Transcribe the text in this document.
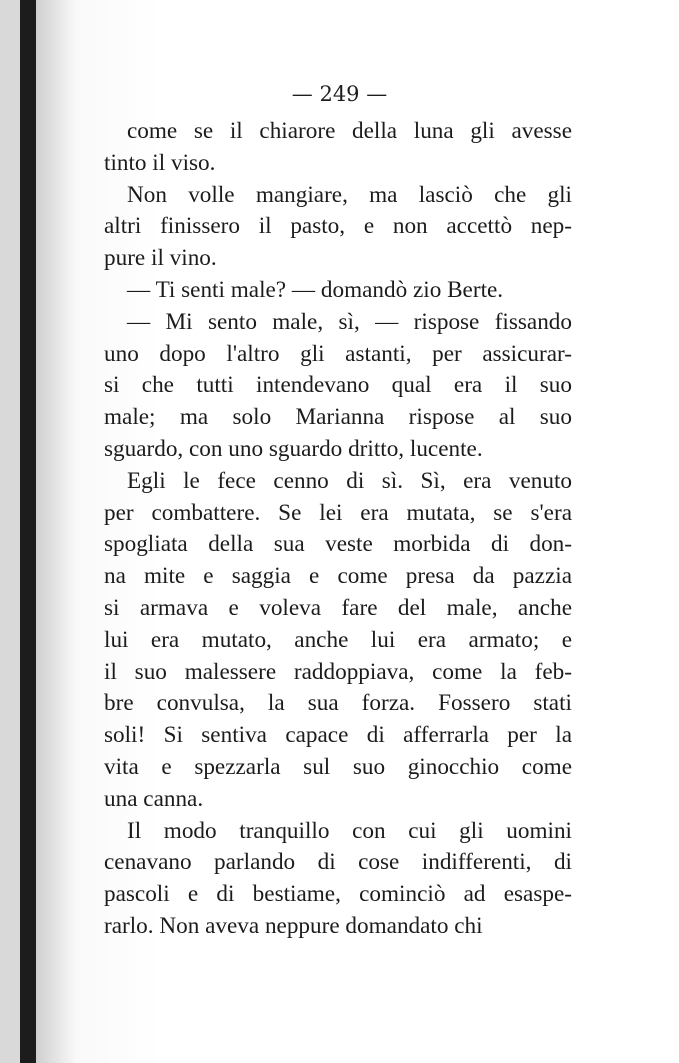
— 249 —

come se il chiarore della luna gli avesse
tinto il viso.

Non volle mangiare, ma lasciò che gli
altri finissero il pasto, e non accettò nep-
pure il vino.

— Ti senti male? — domandò zio Berte.

— Mi sento male, sì, — rispose fissando
uno dopo l'altro gli astanti, per assicurar-
si che tutti intendevano qual era il suo
male; ma solo Marianna rispose al suo
sguardo, con uno sguardo dritto, lucente.

Egli le fece cenno di sì. Sì, era venuto
per combattere. Se lei era mutata, se s'era
spogliata della sua veste morbida di don-
na mite e saggia e come presa da pazzia
si armava e voleva fare del male, anche
lui era mutato, anche lui era armato; e
il suo malessere raddoppiava, come la feb-
bre convulsa, la sua forza. Fossero stati
soli! Si sentiva capace di afferrarla per la
vita e spezzarla sul suo ginocchio come
una canna.

Il modo tranquillo con cui gli uomini
cenavano parlando di cose indifferenti, di
pascoli e di bestiame, cominciò ad esaspe-
rarlo. Non aveva neppure domandato chi
